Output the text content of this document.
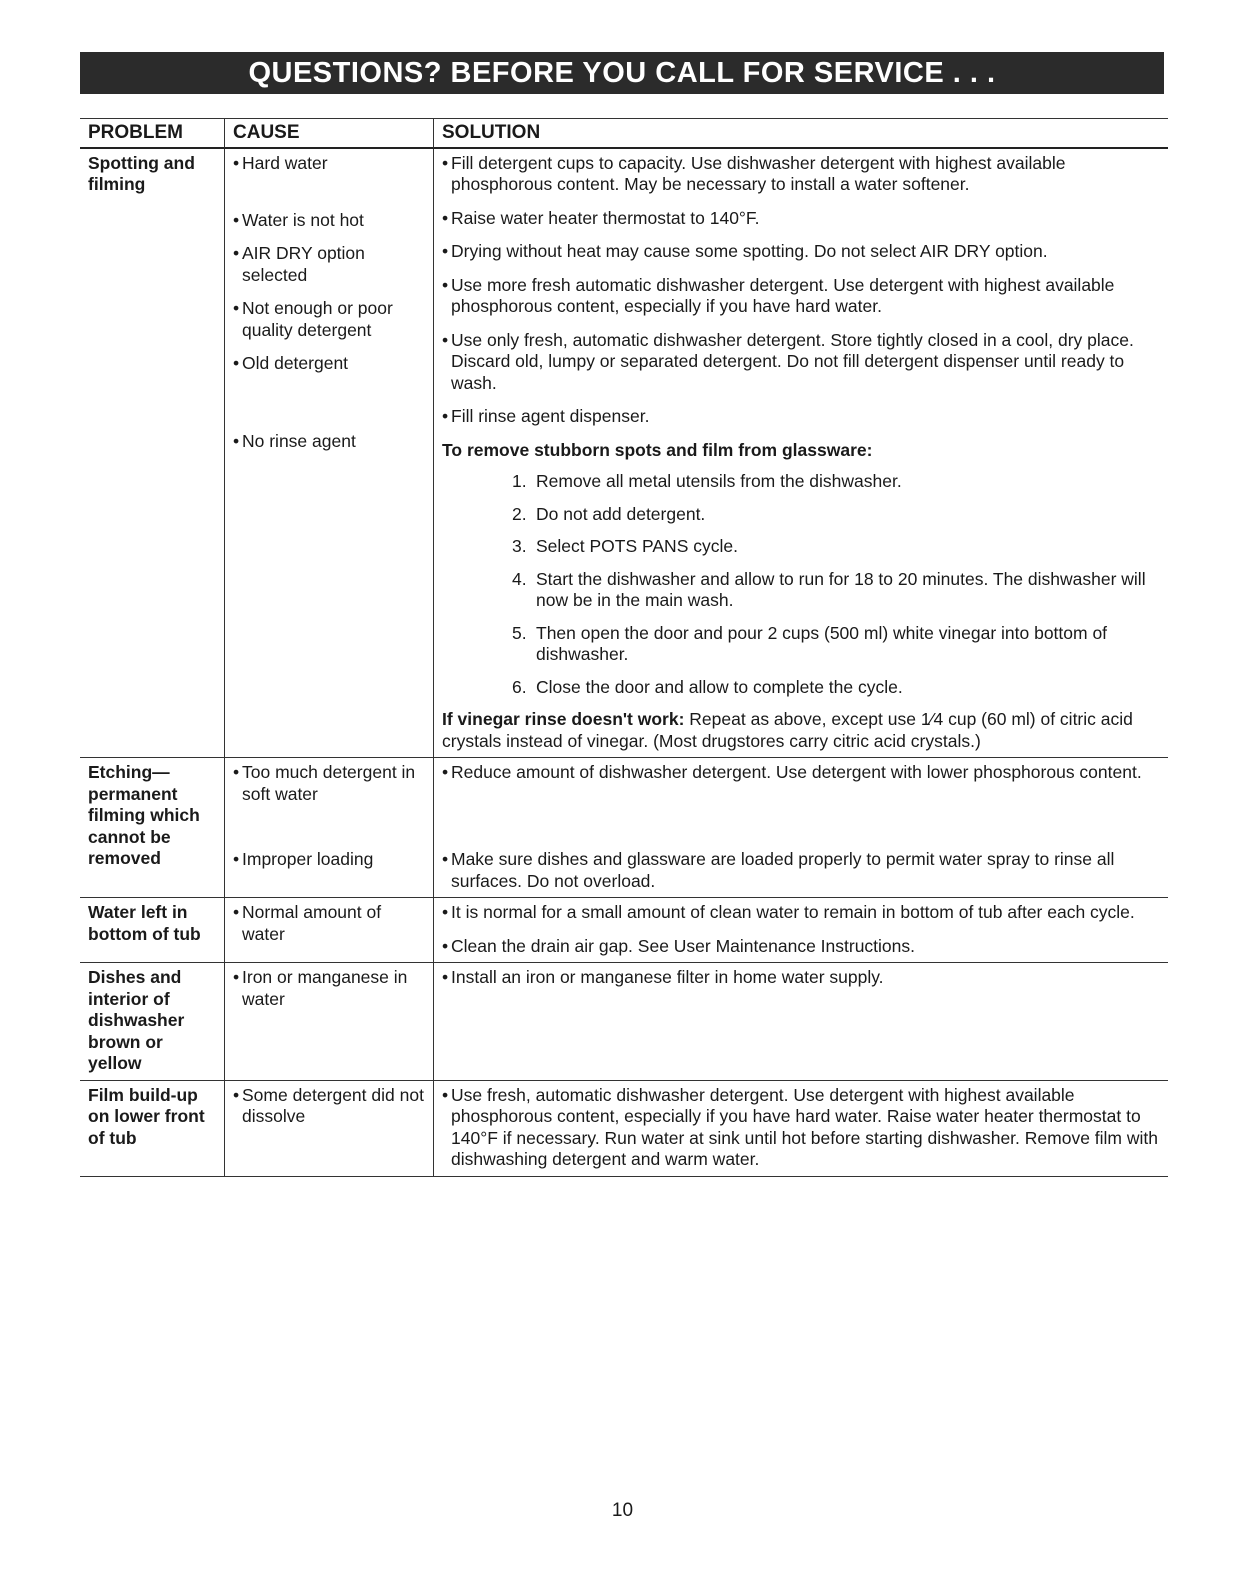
QUESTIONS? BEFORE YOU CALL FOR SERVICE . . .
PROBLEM	CAUSE	SOLUTION
Spotting and filming
• Hard water
• Water is not hot
• AIR DRY option selected
• Not enough or poor quality detergent
• Old detergent
• No rinse agent
• Fill detergent cups to capacity. Use dishwasher detergent with highest available phosphorous content. May be necessary to install a water softener.
• Raise water heater thermostat to 140°F.
• Drying without heat may cause some spotting. Do not select AIR DRY option.
• Use more fresh automatic dishwasher detergent. Use detergent with highest available phosphorous content, especially if you have hard water.
• Use only fresh, automatic dishwasher detergent. Store tightly closed in a cool, dry place. Discard old, lumpy or separated detergent. Do not fill detergent dispenser until ready to wash.
• Fill rinse agent dispenser.
To remove stubborn spots and film from glassware:
1. Remove all metal utensils from the dishwasher.
2. Do not add detergent.
3. Select POTS PANS cycle.
4. Start the dishwasher and allow to run for 18 to 20 minutes. The dishwasher will now be in the main wash.
5. Then open the door and pour 2 cups (500 ml) white vinegar into bottom of dishwasher.
6. Close the door and allow to complete the cycle.
If vinegar rinse doesn't work: Repeat as above, except use 1⁄4 cup (60 ml) of citric acid crystals instead of vinegar. (Most drugstores carry citric acid crystals.)
Etching— permanent filming which cannot be removed
• Too much detergent in soft water
• Improper loading
• Reduce amount of dishwasher detergent. Use detergent with lower phosphorous content.
• Make sure dishes and glassware are loaded properly to permit water spray to rinse all surfaces. Do not overload.
Water left in bottom of tub
• Normal amount of water
• It is normal for a small amount of clean water to remain in bottom of tub after each cycle.
• Clean the drain air gap. See User Maintenance Instructions.
Dishes and interior of dishwasher brown or yellow
• Iron or manganese in water
• Install an iron or manganese filter in home water supply.
Film build-up on lower front of tub
• Some detergent did not dissolve
• Use fresh, automatic dishwasher detergent. Use detergent with highest available phosphorous content, especially if you have hard water. Raise water heater thermostat to 140°F if necessary. Run water at sink until hot before starting dishwasher. Remove film with dishwashing detergent and warm water.
10
